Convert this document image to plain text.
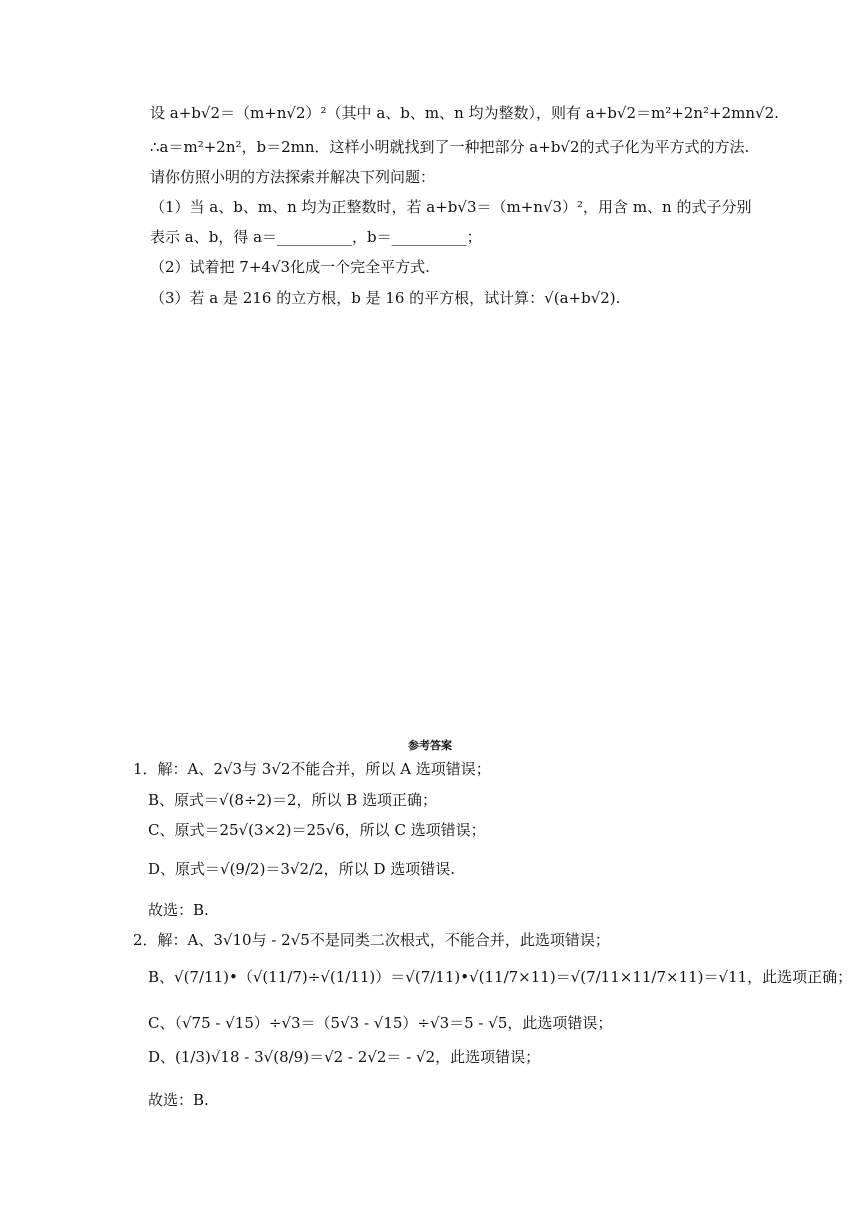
设 a+b√2＝（m+n√2）²（其中 a、b、m、n 均为整数），则有 a+b√2＝m²+2n²+2mn√2.
∴a＝m²+2n²，b＝2mn．这样小明就找到了一种把部分 a+b√2的式子化为平方式的方法.
请你仿照小明的方法探索并解决下列问题：
（1）当 a、b、m、n 均为正整数时，若 a+b√3＝（m+n√3）²，用含 m、n 的式子分别
表示 a、b，得 a＝__________，b＝__________；
（2）试着把 7+4√3化成一个完全平方式.
（3）若 a 是 216 的立方根，b 是 16 的平方根，试计算：√(a+b√2).
参考答案
1．解：A、2√3与 3√2不能合并，所以 A 选项错误；
B、原式＝√(8÷2)＝2，所以 B 选项正确；
C、原式＝25√(3×2)＝25√6，所以 C 选项错误；
D、原式＝√(9/2)＝3√2/2，所以 D 选项错误.
故选：B.
2．解：A、3√10与 - 2√5不是同类二次根式，不能合并，此选项错误；
B、√(7/11)•（√(11/7)÷√(1/11)）＝√(7/11)•√(11/7×11)＝√(7/11×11/7×11)＝√11，此选项正确；
C、（√75 - √15）÷√3＝（5√3 - √15）÷√3＝5 - √5，此选项错误；
D、(1/3)√18 - 3√(8/9)＝√2 - 2√2＝ - √2，此选项错误；
故选：B.
